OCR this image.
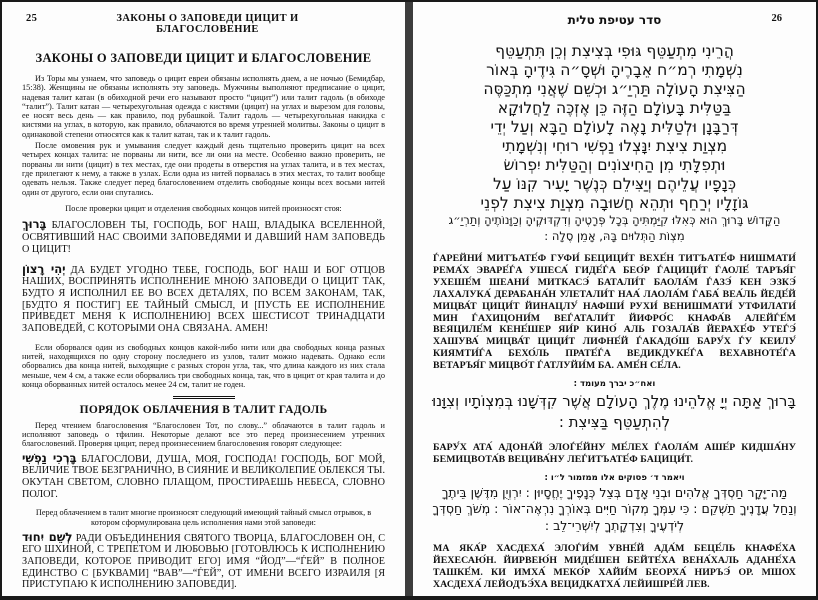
25	ЗАКОНЫ О ЗАПОВЕДИ ЦИЦИТ И БЛАГОСЛОВЕНИЕ
ЗАКОНЫ О ЗАПОВЕДИ ЦИЦИТ И БЛАГОСЛОВЕНИЕ

Из Торы мы узнаем, что заповедь о цицит евреи обязаны исполнять днем, а не ночью (Бемидбар, 15:38). Женщины не обязаны исполнять эту заповедь. Мужчины выполняют предписание о цицит, надевая талит катан (в обиходной речи его называют просто “цицит”) или талит гадоль (в обиходе “талит”). Талит катан — четырехугольная одежда с кистями (цицит) на углах и вырезом для головы, ее носят весь день — как правило, под рубашкой. Талит гадоль — четырехугольная накидка с кистями на углах, в которую, как правило, облачаются во время утренней молитвы. Законы о цицит в одинаковой степени относятся как к талит катан, так и к талит гадоль.

После омовения рук и умывания следует каждый день тщательно проверить цицит на всех четырех концах талита: не порваны ли нити, все ли они на месте. Особенно важно проверить, не порваны ли нити (цицит) в тех местах, где они продеты в отверстия на углах талита, и в тех местах, где прилегают к нему, а также в узлах. Если одна из нитей порвалась в этих местах, то талит вообще одевать нельзя. Также следует перед благословением отделить свободные концы всех восьми нитей один от другого, если они спутались.

После проверки цицит и отделения свободных концов нитей произносят стоя:

בָּרוּךְ БЛАГОСЛОВЕН ТЫ, ГОСПОДЬ, БОГ НАШ, ВЛАДЫКА ВСЕЛЕННОЙ, ОСВЯТИВШИЙ НАС СВОИМИ ЗАПОВЕДЯМИ И ДАВШИЙ НАМ ЗАПОВЕДЬ О ЦИЦИТ!

יְהִי רָצוֹן ДА БУДЕТ УГОДНО ТЕБЕ, ГОСПОДЬ, БОГ НАШ И БОГ ОТЦОВ НАШИХ, ВОСПРИНЯТЬ ИСПОЛНЕНИЕ МНОЮ ЗАПОВЕДИ О ЦИЦИТ ТАК, БУДТО Я ИСПОЛНИЛ ЕЕ ВО ВСЕХ ДЕТАЛЯХ, ПО ВСЕМ ЗАКОНАМ, ТАК, [БУДТО Я ПОСТИГ] ЕЕ ТАЙНЫЙ СМЫСЛ, И [ПУСТЬ ЕЕ ИСПОЛНЕНИЕ ПРИВЕДЕТ МЕНЯ К ИСПОЛНЕНИЮ] ВСЕХ ШЕСТИСОТ ТРИНАДЦАТИ ЗАПОВЕДЕЙ, С КОТОРЫМИ ОНА СВЯЗАНА. АМЕН!

Если оборвался один из свободных концов какой-либо нити или два свободных конца разных нитей, находящихся по одну сторону последнего из узлов, талит можно надевать. Однако если оборвались два конца нитей, выходящие с разных сторон угла, так, что длина каждого из них стала меньше, чем 4 см, а также если оборвались три свободных конца, так, что в цицит от края талита и до конца оборванных нитей осталось менее 24 см, талит не годен.

ПОРЯДОК ОБЛАЧЕНИЯ В ТАЛИТ ГАДОЛЬ

Перед чтением благословения “Благословен Тот, по слову...” облачаются в талит гадоль и исполняют заповедь о тфилин. Некоторые делают все это перед произнесением утренних благословений. Проверяя цицит, перед произнесением благословения говорят следующее:

בָּרְכִי נַפְשִׁי БЛАГОСЛОВИ, ДУША, МОЯ, ГОСПОДА! ГОСПОДЬ, БОГ МОЙ, ВЕЛИЧИЕ ТВОЕ БЕЗГРАНИЧНО, В СИЯНИЕ И ВЕЛИКОЛЕПИЕ ОБЛЕКСЯ ТЫ. ОКУТАН СВЕТОМ, СЛОВНО ПЛАЩОМ, ПРОСТИРАЕШЬ НЕБЕСА, СЛОВНО ПОЛОГ.

Перед облачением в талит многие произносят следующий имеющий тайный смысл отрывок, в котором сформулирована цель исполнения нами этой заповеди:

לְשֵׁם יִחוּד РАДИ ОБЪЕДИНЕНИЯ СВЯТОГО ТВОРЦА, БЛАГОСЛОВЕН ОН, С ЕГО ШХИНОЙ, С ТРЕПЕТОМ И ЛЮБОВЬЮ [ГОТОВЛЮСЬ К ИСПОЛНЕНИЮ ЗАПОВЕДИ, КОТОРОЕ ПРИВОДИТ ЕГО] ИМЯ “ЙОД”—“ЃЕЙ” В ПОЛНОЕ ЕДИНСТВО С [БУКВАМИ] “ВАВ”—“ЃЕЙ”, ОТ ИМЕНИ ВСЕГО ИЗРАИЛЯ [Я ПРИСТУПАЮ К ИСПОЛНЕНИЮ ЗАПОВЕДИ].

סדר עטיפת טלית	26
הֲרֵינִי מִתְעַטֵּף גּוּפִי בְּצִיצִת וְכֵן תִּתְעַטֵּף
נִשְׁמָתִי רְמ״ח אֵבָרֶיהָ וּשְׁסָ״ה גִּידֶיהָ בְּאוֹר
הַצִּיצִת הָעוֹלָה תַּרְיַ״ג וּכְשֵׁם שֶׁאֲנִי מִתְכַּסֶּה
בַּטַּלִּית בָּעוֹלָם הַזֶּה כֵּן אֶזְכֶּה לַחֲלוּקָא
דְּרַבָּנָן וּלְטַלִּית נָאֶה לָעוֹלָם הַבָּא וְעַל יְדֵי
מִצְוַת צִיצִת יִנָּצְלוּ נַפְשִׁי רוּחִי וְנִשְׁמָתִי
וּתְפִלָּתִי מִן הַחִיצוֹנִים וְהַטַּלִּית יִפְרוֹשׂ
כְּנָפָיו עֲלֵיהֶם וְיַצִּילֵם כְּנֶשֶׁר יָעִיר קִנּוֹ עַל
גּוֹזָלָיו יְרַחֵף וּתְהֵא חֲשׁוּבָה מִצְוַת צִיצִת לִפְנֵי
הַקָּדוֹשׁ בָּרוּךְ הוּא כְּאִלּוּ קִיַּמְתִּיהָ בְּכָל פְּרָטֶיהָ וְדִקְדּוּקֶיהָ וְכַוָּנוֹתֶיהָ וְתַרְיַ״ג
מִצְוֹת הַתְּלוּיִם בָּהּ, אָמֵן סֶלָה :

ЃАРЕЙНИ́ МИТЪАТЕ́Ф ГУФИ́ БЕЦИЦИ́Т ВЕХЕ́Н ТИТЪАТЕ́Ф НИШМАТИ́ РЕМА́Х ЭВАРЕ́ЃА УШЕСА́ ГИДЕ́ЃА БЕО́Р ЃАЦИЦИ́Т ЃАОЛЕ́ ТАРЪЯ́Г УХЕШЕ́М ШЕАНИ́ МИТКАСЭ́ БАТАЛИ́Т БАОЛА́М ЃАЗЭ́ КЕН ЭЗКЭ́ ЛАХАЛУКА́ ДЕРАБАНА́Н УЛЕТАЛИ́Т НАА́ ЛАОЛА́М ЃАБА́ ВЕА́ЛЬ ЙЕДЕ́Й МИЦВА́Т ЦИЦИ́Т ЙИНАЦЛУ́ НАФШИ́ РУХИ́ ВЕНИШМАТИ́ УТФИЛАТИ́ МИН ЃАХИЦОНИ́М ВЕЃАТАЛИ́Т ЙИФРО́С КНАФА́В АЛЕЙЃЕ́М ВЕЯЦИЛЕ́М КЕНЕ́ШЕР ЯИ́Р КИНО́ АЛЬ ГОЗАЛА́В ЙЕРАХЕ́Ф УТЕЃЭ́ ХАШУВА́ МИЦВА́Т ЦИЦИ́Т ЛИФНЕ́Й ЃАКАДО́Ш БАРУ́Х ЃУ КЕИЛУ́ КИЯМТИ́ЃА БЕХО́ЛЬ ПРАТЕ́ЃА ВЕДИКДУКЕ́ЃА ВЕХАВНОТЕ́ЃА ВЕТАРЪЯ́Г МИЦВО́Т ЃАТЛУЙИ́М БА. АМЕ́Н СЕ́ЛА.

ואח״כ יברך מעומד :
בָּרוּךְ אַתָּה יְיָ אֱלֹהֵינוּ מֶלֶךְ הָעוֹלָם אֲשֶׁר קִדְּשָׁנוּ בְּמִצְוֹתָיו וְצִוָּנוּ
לְהִתְעַטֵּף בַּצִּיצִת :

БАРУ́Х АТА́ АДОНА́Й ЭЛОЃЕ́ЙНУ МЕ́ЛЕХ ЃАОЛА́М АШЕ́Р КИДША́НУ БЕМИЦВОТА́В ВЕЦИВА́НУ ЛЕЃИТЪАТЕ́Ф БАЦИЦИ́Т.

ויאמר ד׳ פסוקים אלו ממזמור ל״ו :
מַה־יָּקָר חַסְדְּךָ אֱלֹהִים וּבְנֵי אָדָם בְּצֵל כְּנָפֶיךָ יֶחֱסָיוּן : יִרְוְיֻן מִדֶּשֶׁן בֵּיתֶךָ
וְנַחַל עֲדָנֶיךָ תַשְׁקֵם : כִּי עִמְּךָ מְקוֹר חַיִּים בְּאוֹרְךָ נִרְאֶה־אוֹר : מְשֹׁךְ חַסְדְּךָ
לְיֹדְעֶיךָ וְצִדְקָתְךָ לְיִשְׁרֵי־לֵב :

МА ЯКА́Р ХАСДЕХА́ ЭЛОЃИ́М УВНЕ́Й АДА́М БЕЦЕ́ЛЬ КНАФЕ́ХА ЙЕХЕСАЮ́Н. ЙИРВЕЮ́Н МИДЕ́ШЕН БЕЙТЕ́ХА ВЕНА́ХАЛЬ АДАНЕ́ХА ТАШКЕ́М. КИ ИМХА́ МЕКО́Р ХАЙИ́М БЕОРХА́ НИРЪЭ́ ОР. МШОХ ХАСДЕХА́ ЛЕЙОДЪЭ́ХА ВЕЦИДКАТХА́ ЛЕЙИШРЕ́Й ЛЕВ.
